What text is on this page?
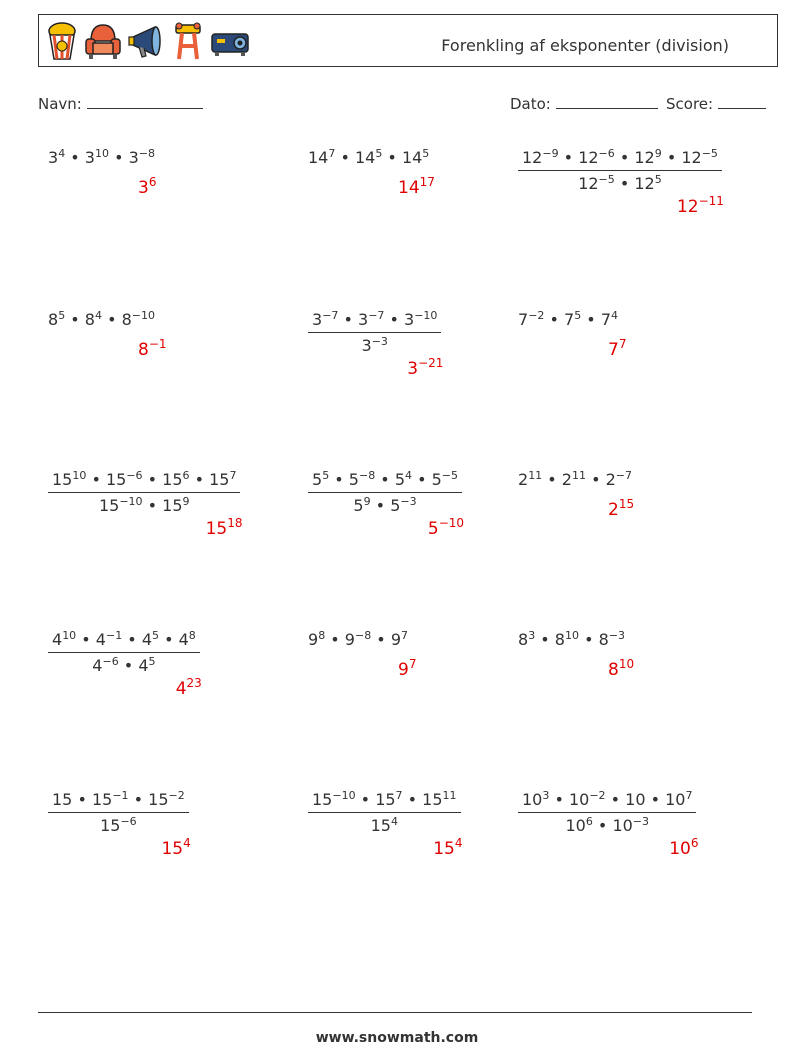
Forenkling af eksponenter (division)
Navn:	Dato:	Score:
$3^4$ • $3^{10}$ • $3^{-8}$
$3^6$
$14^7$ • $14^5$ • $14^5$
$14^{17}$	$\frac{12^{-9} • 12^{-6} • 12^9 • 12^{-5}}{12^{-5} • 12^5}$
$12^{-11}$
$8^5$ • $8^4$ • $8^{-10}$
$8^{-1}$	$\frac{3^{-7} • 3^{-7} • 3^{-10}}{3^{-3}}$
$3^{-21}$
$7^{-2}$ • $7^5$ • $7^4$
$7^7$
$\frac{15^{10} • 15^{-6} • 15^6 • 15^7}{15^{-10} • 15^9}$
$15^{18}$
$\frac{5^5 • 5^{-8} • 5^4 • 5^{-5}}{5^9 • 5^{-3}}$
$5^{-10}$
$2^{11}$ • $2^{11}$ • $2^{-7}$
$2^{15}$
$\frac{4^{10} • 4^{-1} • 4^5 • 4^8}{4^{-6} • 4^5}$
$4^{23}$
$9^8$ • $9^{-8}$ • $9^7$
$9^7$
$8^3$ • $8^{10}$ • $8^{-3}$
$8^{10}$
$\frac{15 • 15^{-1} • 15^{-2}}{15^{-6}}$
$15^4$
$\frac{15^{-10} • 15^7 • 15^{11}}{15^4}$
$15^4$
$\frac{10^3 • 10^{-2} • 10 • 10^7}{10^6 • 10^{-3}}$
$10^6$
www.snowmath.com
